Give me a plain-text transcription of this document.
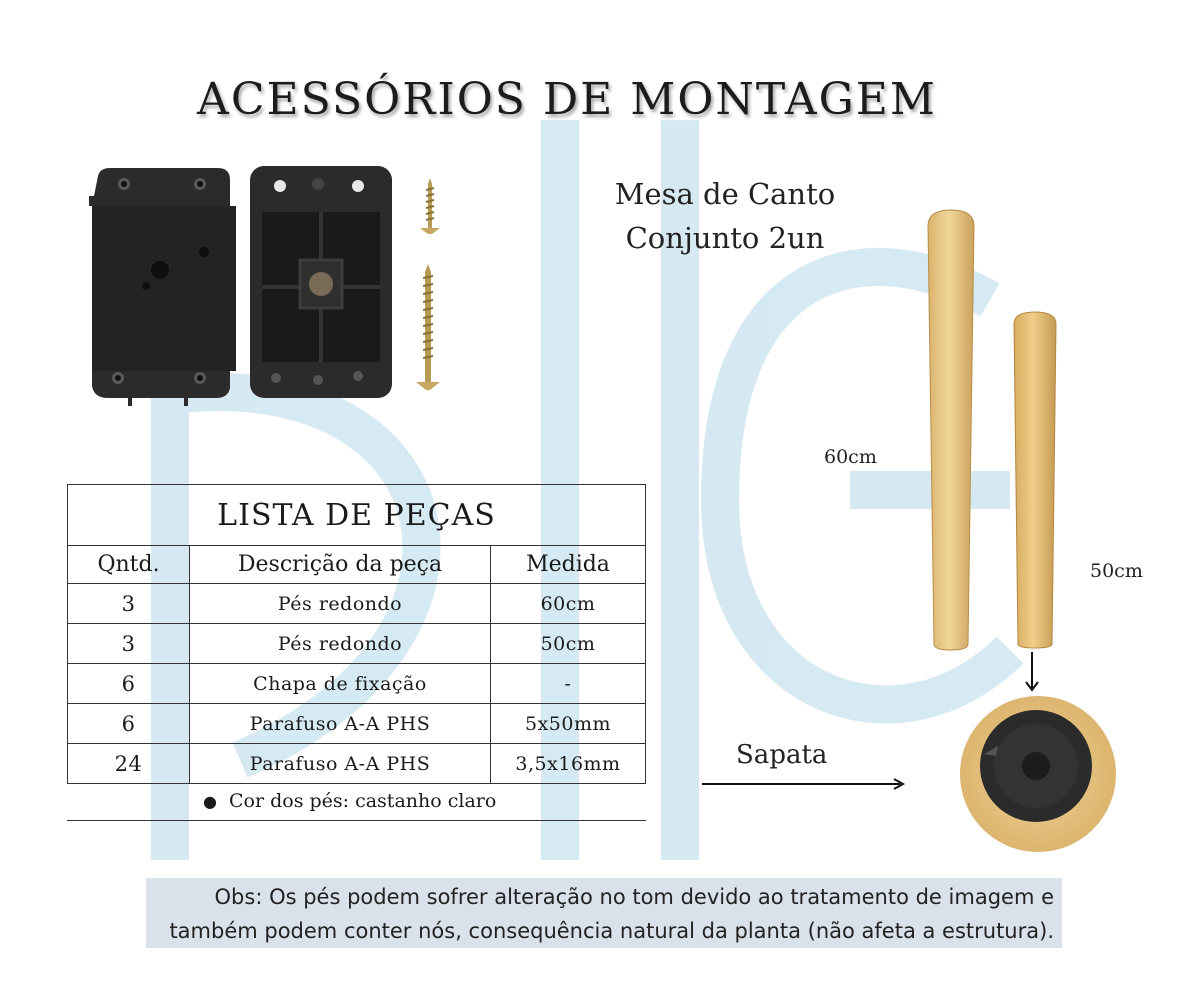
ACESSÓRIOS DE MONTAGEM
Mesa de Canto
Conjunto 2un
60cm
50cm
Sapata
LISTA DE PEÇAS		
Qntd.	Descrição da peça	Medida
3	Pés redondo	60cm
3	Pés redondo	50cm
6	Chapa de fixação	-
6	Parafuso A-A PHS	5x50mm
24	Parafuso A-A PHS	3,5x16mm
● Cor dos pés: castanho claro
Obs: Os pés podem sofrer alteração no tom devido ao tratamento de imagem e
também podem conter nós, consequência natural da planta (não afeta a estrutura).
